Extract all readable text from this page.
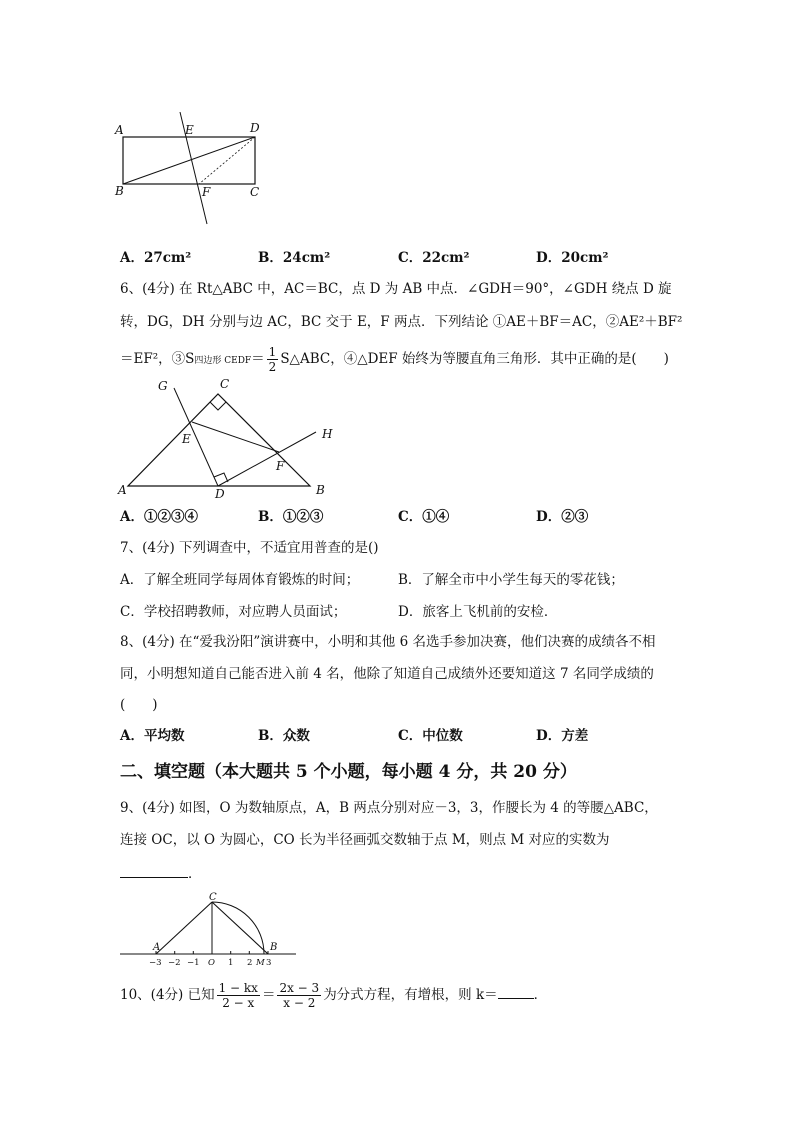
A	E	D
B	F	C
A．27cm²	B．24cm²	C．22cm²	D．20cm²
6、(4分) 在 Rt△ABC 中，AC＝BC，点 D 为 AB 中点．∠GDH＝90°，∠GDH 绕点 D 旋
转，DG，DH 分别与边 AC，BC 交于 E，F 两点．下列结论 ①AE＋BF＝AC，②AE²＋BF²
＝EF²，③S四边形 CEDF＝ $\frac{1}{2}$ S△ABC，④△DEF 始终为等腰直角三角形．其中正确的是(　　)
G	C
H
E
F
A	D	B
A．①②③④	B．①②③	C．①④	D．②③
7、(4分) 下列调查中，不适宜用普查的是()
A．了解全班同学每周体育锻炼的时间；	B．了解全市中小学生每天的零花钱；
C．学校招聘教师，对应聘人员面试；	D．旅客上飞机前的安检．
8、(4分) 在“爱我汾阳”演讲赛中，小明和其他 6 名选手参加决赛，他们决赛的成绩各不相
同，小明想知道自己能否进入前 4 名，他除了知道自己成绩外还要知道这 7 名同学成绩的
(　　)
A．平均数	B．众数	C．中位数	D．方差
二、填空题（本大题共 5 个小题，每小题 4 分，共 20 分）
9、(4分) 如图，O 为数轴原点，A，B 两点分别对应－3，3，作腰长为 4 的等腰△ABC，
连接 OC，以 O 为圆心，CO 长为半径画弧交数轴于点 M，则点 M 对应的实数为
．
C
A	B
−3 −2 −1 O 1 2 M 3
10、(4分) 已知 $\frac{1 - kx}{2 - x} = \frac{2x - 3}{x - 2}$ 为分式方程，有增根，则 k＝	．
